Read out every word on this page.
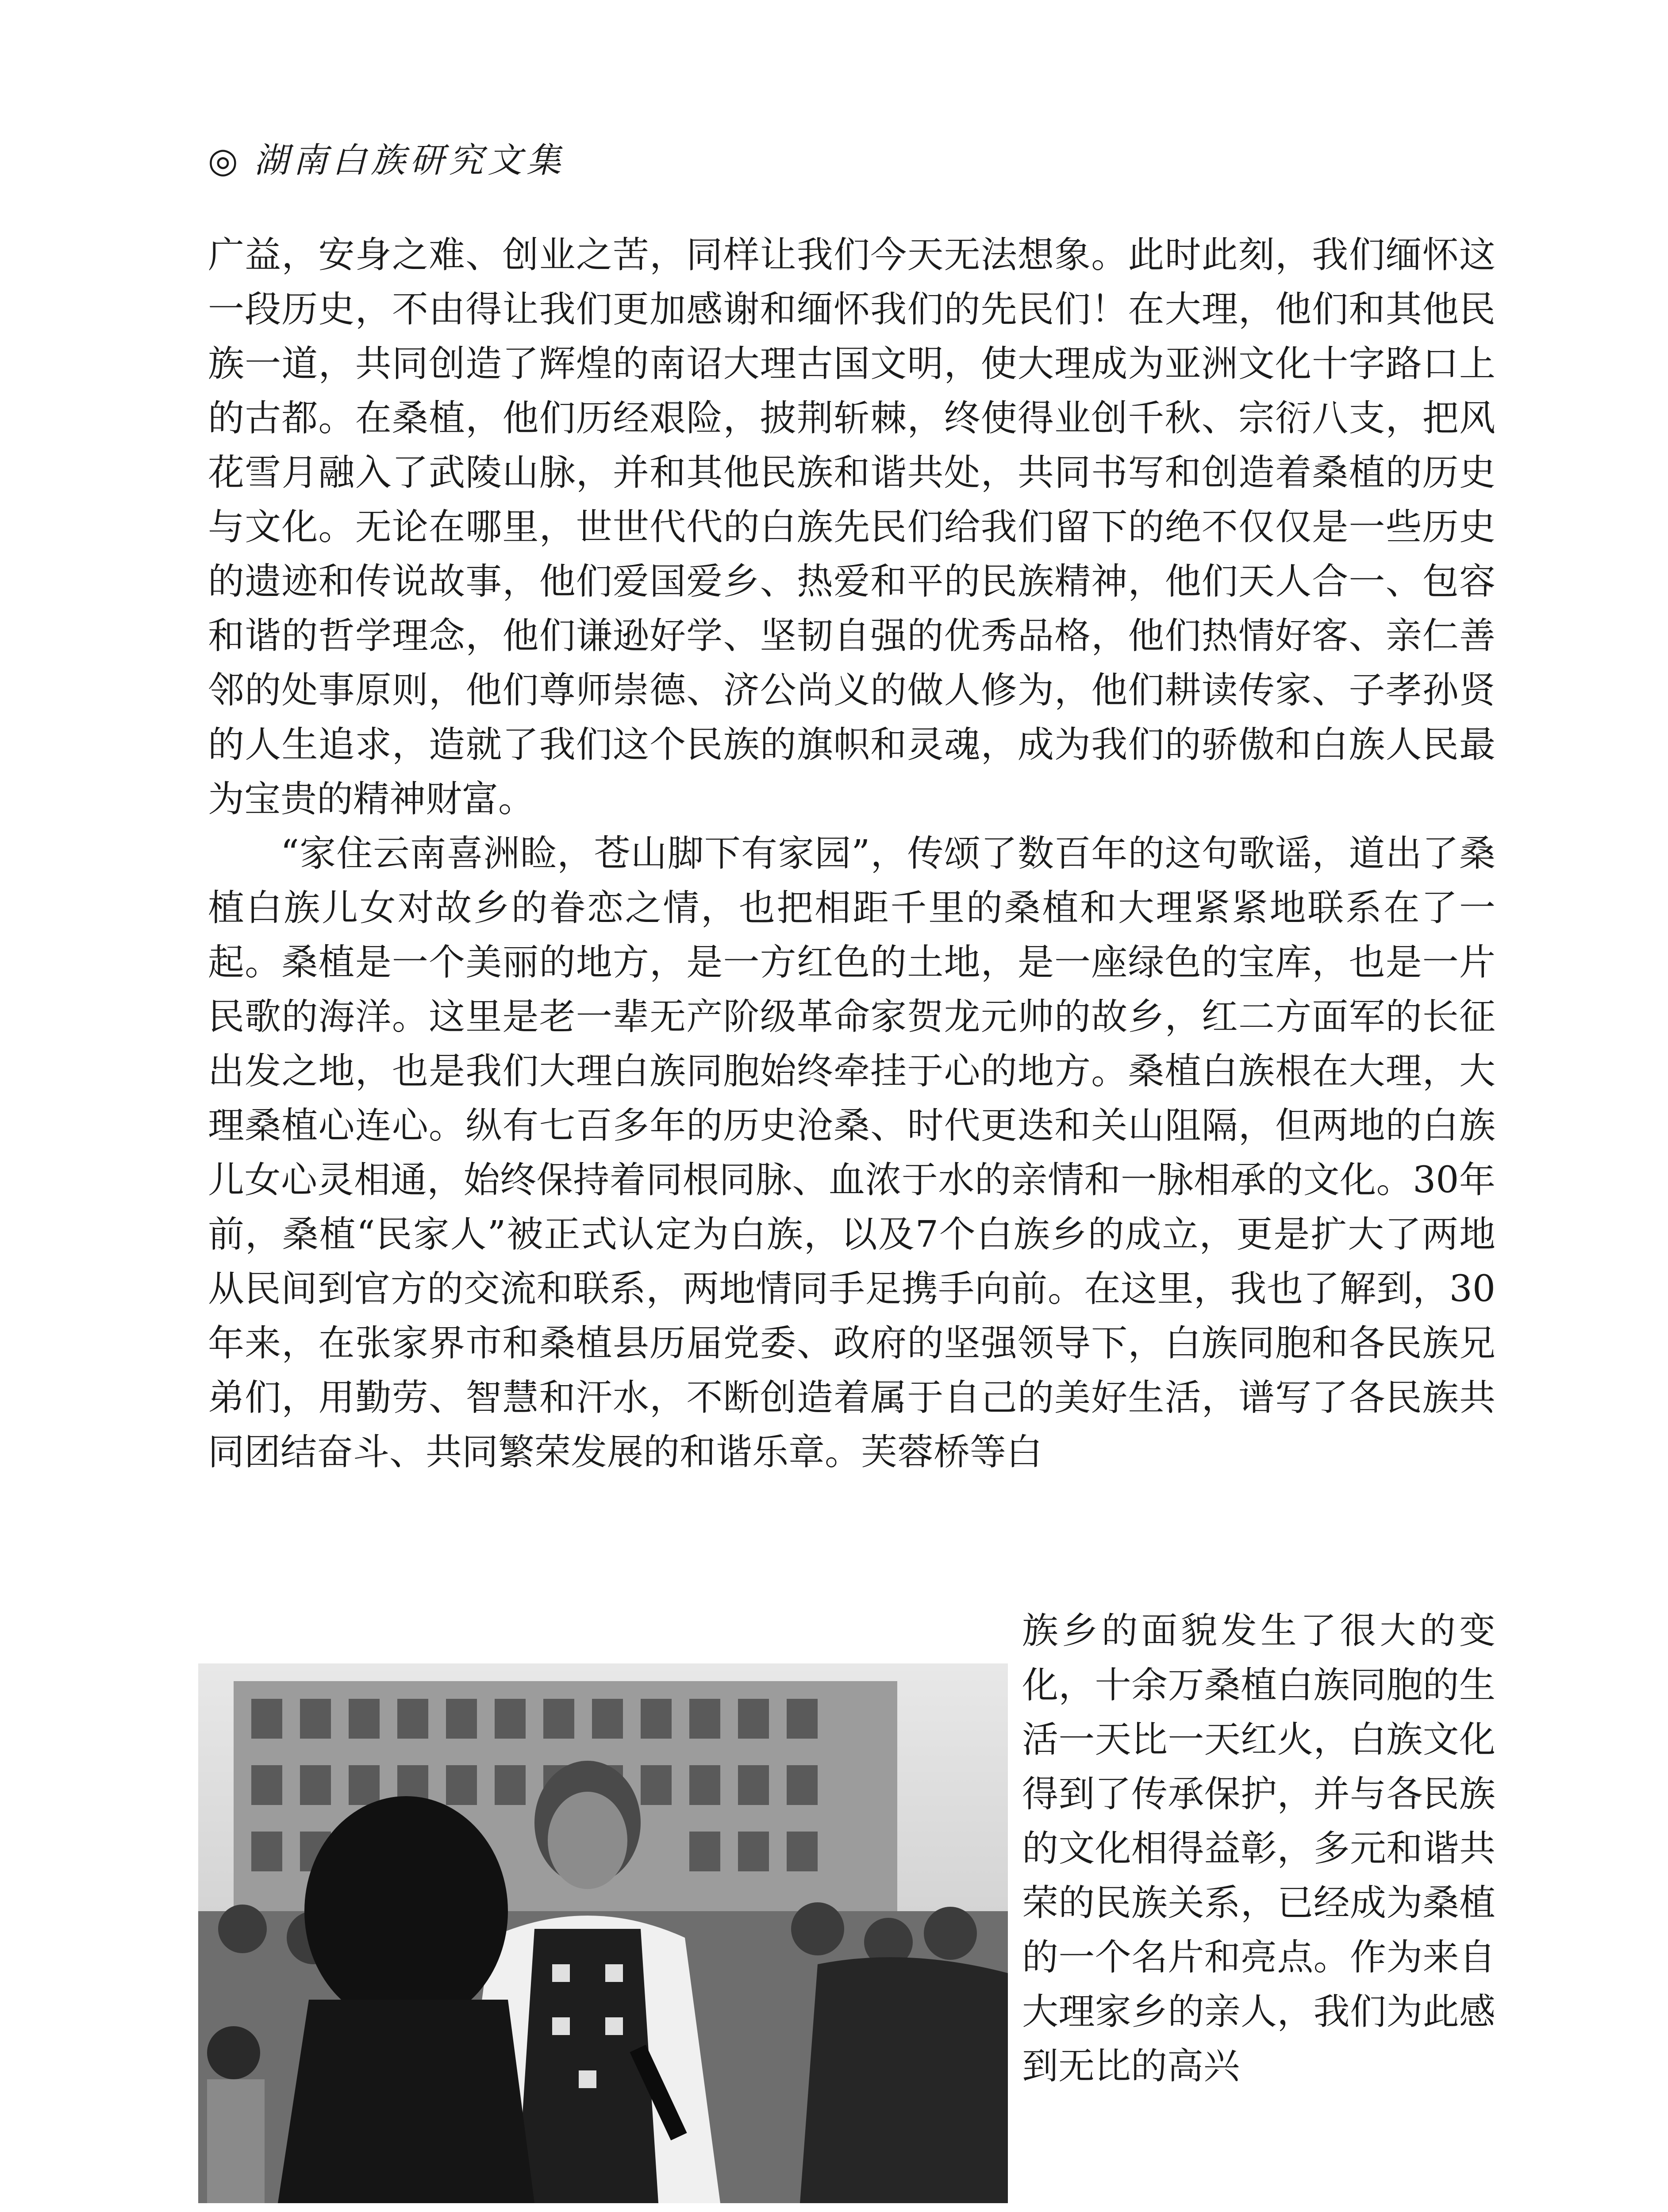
◎ 湖南白族研究文集

广益，安身之难、创业之苦，同样让我们今天无法想象。此时此刻，我们缅怀这一段历史，不由得让我们更加感谢和缅怀我们的先民们！在大理，他们和其他民族一道，共同创造了辉煌的南诏大理古国文明，使大理成为亚洲文化十字路口上的古都。在桑植，他们历经艰险，披荆斩棘，终使得业创千秋、宗衍八支，把风花雪月融入了武陵山脉，并和其他民族和谐共处，共同书写和创造着桑植的历史与文化。无论在哪里，世世代代的白族先民们给我们留下的绝不仅仅是一些历史的遗迹和传说故事，他们爱国爱乡、热爱和平的民族精神，他们天人合一、包容和谐的哲学理念，他们谦逊好学、坚韧自强的优秀品格，他们热情好客、亲仁善邻的处事原则，他们尊师崇德、济公尚义的做人修为，他们耕读传家、子孝孙贤的人生追求，造就了我们这个民族的旗帜和灵魂，成为我们的骄傲和白族人民最为宝贵的精神财富。

“家住云南喜洲睑，苍山脚下有家园”，传颂了数百年的这句歌谣，道出了桑植白族儿女对故乡的眷恋之情，也把相距千里的桑植和大理紧紧地联系在了一起。桑植是一个美丽的地方，是一方红色的土地，是一座绿色的宝库，也是一片民歌的海洋。这里是老一辈无产阶级革命家贺龙元帅的故乡，红二方面军的长征出发之地，也是我们大理白族同胞始终牵挂于心的地方。桑植白族根在大理，大理桑植心连心。纵有七百多年的历史沧桑、时代更迭和关山阻隔，但两地的白族儿女心灵相通，始终保持着同根同脉、血浓于水的亲情和一脉相承的文化。30年前，桑植“民家人”被正式认定为白族，以及7个白族乡的成立，更是扩大了两地从民间到官方的交流和联系，两地情同手足携手向前。在这里，我也了解到，30年来，在张家界市和桑植县历届党委、政府的坚强领导下，白族同胞和各民族兄弟们，用勤劳、智慧和汗水，不断创造着属于自己的美好生活，谱写了各民族共同团结奋斗、共同繁荣发展的和谐乐章。芙蓉桥等白

族乡的面貌发生了很大的变化，十余万桑植白族同胞的生活一天比一天红火，白族文化得到了传承保护，并与各民族的文化相得益彰，多元和谐共荣的民族关系，已经成为桑植的一个名片和亮点。作为来自大理家乡的亲人，我们为此感到无比的高兴
